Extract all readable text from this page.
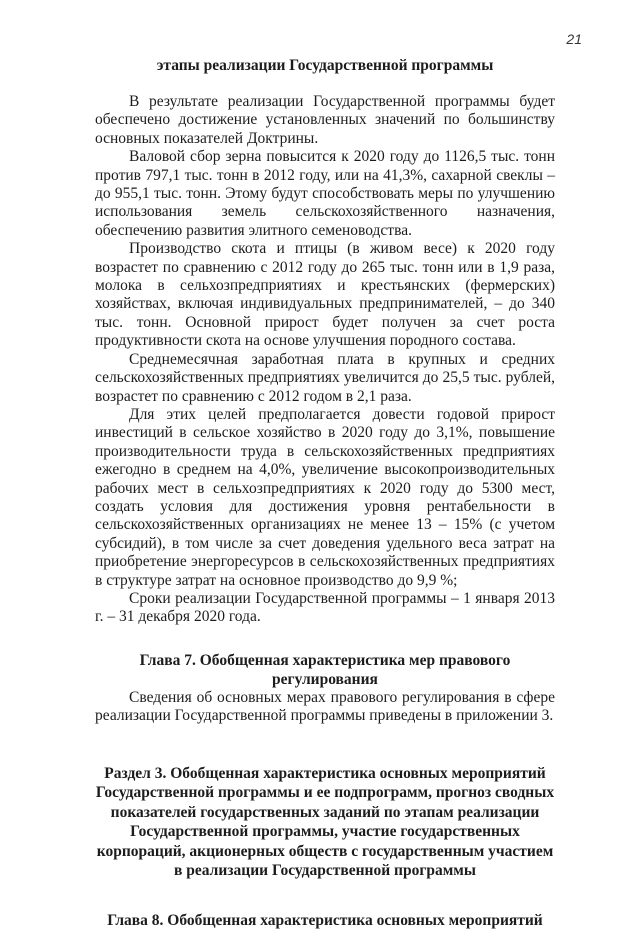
21
этапы реализации Государственной программы

В результате реализации Государственной программы будет обеспечено достижение установленных значений по большинству основных показателей Доктрины.

Валовой сбор зерна повысится к 2020 году до 1126,5 тыс. тонн против 797,1 тыс. тонн в 2012 году, или на 41,3%, сахарной свеклы – до 955,1 тыс. тонн. Этому будут способствовать меры по улучшению использования земель сельскохозяйственного назначения, обеспечению развития элитного семеноводства.

Производство скота и птицы (в живом весе) к 2020 году возрастет по сравнению с 2012 году до 265 тыс. тонн или в 1,9 раза, молока в сельхозпредприятиях и крестьянских (фермерских) хозяйствах, включая индивидуальных предпринимателей, – до 340 тыс. тонн. Основной прирост будет получен за счет роста продуктивности скота на основе улучшения породного состава.

Среднемесячная заработная плата в крупных и средних сельскохозяйственных предприятиях увеличится до 25,5 тыс. рублей, возрастет по сравнению с 2012 годом в 2,1 раза.

Для этих целей предполагается довести годовой прирост инвестиций в сельское хозяйство в 2020 году до 3,1%, повышение производительности труда в сельскохозяйственных предприятиях ежегодно в среднем на 4,0%, увеличение высокопроизводительных рабочих мест в сельхозпредприятиях к 2020 году до 5300 мест, создать условия для достижения уровня рентабельности в сельскохозяйственных организациях не менее 13 – 15% (с учетом субсидий), в том числе за счет доведения удельного веса затрат на приобретение энергоресурсов в сельскохозяйственных предприятиях в структуре затрат на основное производство до 9,9 %;

Сроки реализации Государственной программы – 1 января 2013 г. – 31 декабря 2020 года.

Глава 7. Обобщенная характеристика мер правового регулирования

Сведения об основных мерах правового регулирования в сфере реализации Государственной программы приведены в приложении 3.

Раздел 3. Обобщенная характеристика основных мероприятий Государственной программы и ее подпрограмм, прогноз сводных показателей государственных заданий по этапам реализации Государственной программы, участие государственных корпораций, акционерных обществ с государственным участием в реализации Государственной программы
Глава 8. Обобщенная характеристика основных мероприятий
